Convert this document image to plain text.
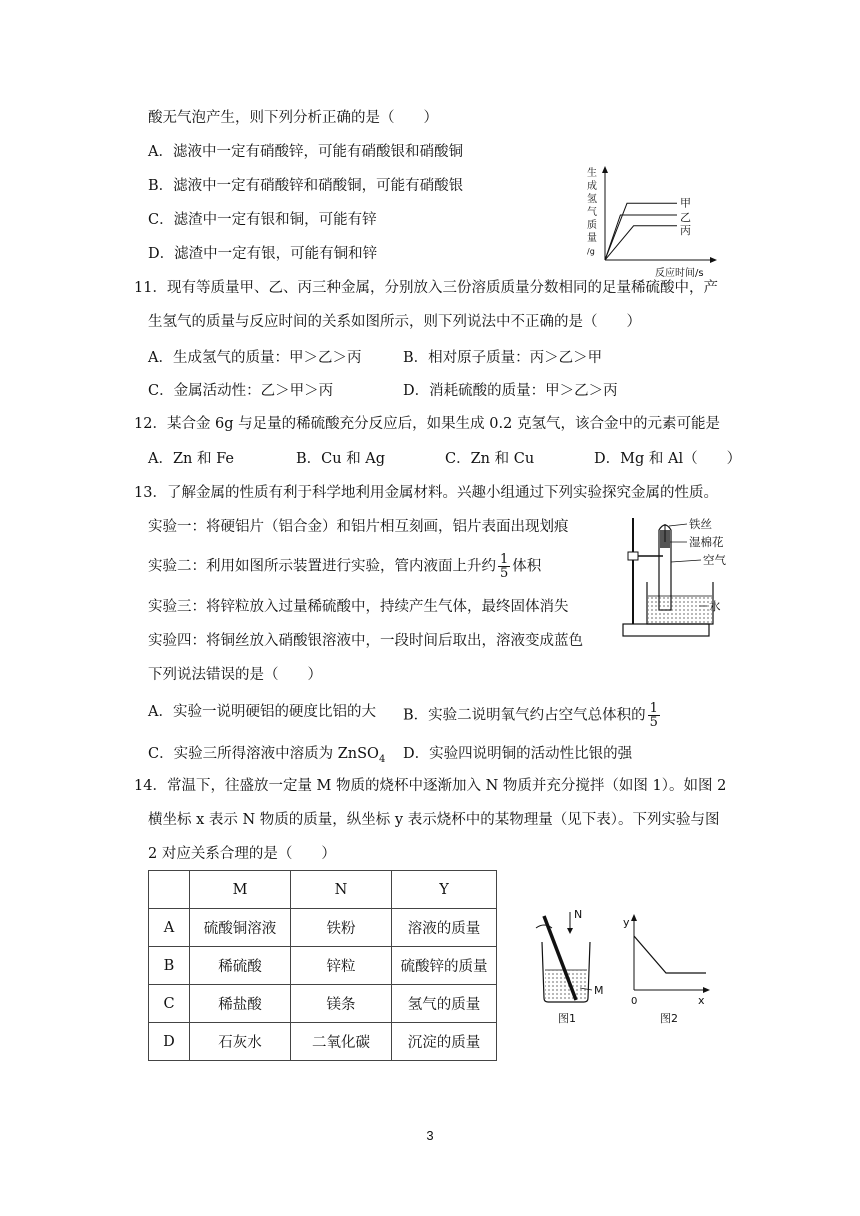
酸无气泡产生，则下列分析正确的是（　　）
A．滤液中一定有硝酸锌，可能有硝酸银和硝酸铜
B．滤液中一定有硝酸锌和硝酸铜，可能有硝酸银
C．滤渣中一定有银和铜，可能有锌
D．滤渣中一定有银，可能有铜和锌
生
成
氢
气
质
量
/g
甲
乙
丙
反应时间/s
11．现有等质量甲、乙、丙三种金属，分别放入三份溶质质量分数相同的足量稀硫酸中，产
生氢气的质量与反应时间的关系如图所示，则下列说法中不正确的是（　　）
A．生成氢气的质量：甲＞乙＞丙	B．相对原子质量：丙＞乙＞甲
C．金属活动性：乙＞甲＞丙	D．消耗硫酸的质量：甲＞乙＞丙
12．某合金 6g 与足量的稀硫酸充分反应后，如果生成 0.2 克氢气，该合金中的元素可能是
A．Zn 和 Fe	B．Cu 和 Ag	C．Zn 和 Cu	D．Mg 和 Al（　　）
13．了解金属的性质有利于科学地利用金属材料。兴趣小组通过下列实验探究金属的性质。
实验一：将硬铝片（铝合金）和铝片相互刻画，铝片表面出现划痕
实验二：利用如图所示装置进行实验，管内液面上升约 $\frac{1}{5}$ 体积
实验三：将锌粒放入过量稀硫酸中，持续产生气体，最终固体消失
实验四：将铜丝放入硝酸银溶液中，一段时间后取出，溶液变成蓝色
下列说法错误的是（　　）
A．实验一说明硬铝的硬度比铝的大 B．实验二说明氧气约占空气总体积的 $\frac{1}{5}$
C．实验三所得溶液中溶质为 ZnSO$_4$ D．实验四说明铜的活动性比银的强
铁丝
湿棉花
空气
水
14．常温下，往盛放一定量 M 物质的烧杯中逐渐加入 N 物质并充分搅拌（如图 1）。如图 2
横坐标 x 表示 N 物质的质量，纵坐标 y 表示烧杯中的某物理量（见下表）。下列实验与图
2 对应关系合理的是（　　）
	M	N	Y
A	硫酸铜溶液	铁粉	溶液的质量
B	稀硫酸	锌粒	硫酸锌的质量
C	稀盐酸	镁条	氢气的质量
D	石灰水	二氧化碳	沉淀的质量
N
M
图1
y
x
0
图2
3
